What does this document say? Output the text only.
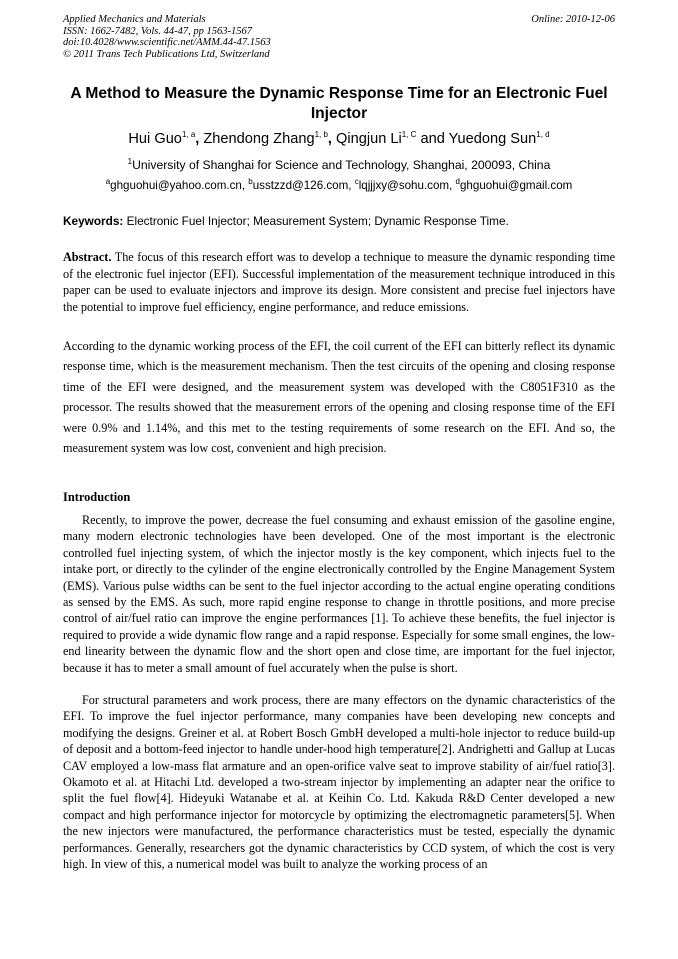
Applied Mechanics and Materials
ISSN: 1662-7482, Vols. 44-47, pp 1563-1567
doi:10.4028/www.scientific.net/AMM.44-47.1563
© 2011 Trans Tech Publications Ltd, Switzerland
Online: 2010-12-06
A Method to Measure the Dynamic Response Time for an Electronic Fuel Injector
Hui Guo$^{1, a}$, Zhendong Zhang$^{1, b}$, Qingjun $Li^{1, C}$ and Yuedong Sun$^{1, d}$
$^1$University of Shanghai for Science and Technology, Shanghai, 200093, China
$^a$ghguohui@yahoo.com.cn, $^b$usstzzd@126.com, $^c$lqjjjxy@sohu.com, $^d$ghguohui@gmail.com
Keywords: Electronic Fuel Injector; Measurement System; Dynamic Response Time.

Abstract. The focus of this research effort was to develop a technique to measure the dynamic responding time of the electronic fuel injector (EFI). Successful implementation of the measurement technique introduced in this paper can be used to evaluate injectors and improve its design. More consistent and precise fuel injectors have the potential to improve fuel efficiency, engine performance, and reduce emissions.

According to the dynamic working process of the EFI, the coil current of the EFI can bitterly reflect its dynamic response time, which is the measurement mechanism. Then the test circuits of the opening and closing response time of the EFI were designed, and the measurement system was developed with the C8051F310 as the processor. The results showed that the measurement errors of the opening and closing response time of the EFI were 0.9% and 1.14%, and this met to the testing requirements of some research on the EFI. And so, the measurement system was low cost, convenient and high precision.

Introduction

Recently, to improve the power, decrease the fuel consuming and exhaust emission of the gasoline engine, many modern electronic technologies have been developed. One of the most important is the electronic controlled fuel injecting system, of which the injector mostly is the key component, which injects fuel to the intake port, or directly to the cylinder of the engine electronically controlled by the Engine Management System (EMS). Various pulse widths can be sent to the fuel injector according to the actual engine operating conditions as sensed by the EMS. As such, more rapid engine response to change in throttle positions, and more precise control of air/fuel ratio can improve the engine performances [1]. To achieve these benefits, the fuel injector is required to provide a wide dynamic flow range and a rapid response. Especially for some small engines, the low-end linearity between the dynamic flow and the short open and close time, are important for the fuel injector, because it has to meter a small amount of fuel accurately when the pulse is short.

For structural parameters and work process, there are many effectors on the dynamic characteristics of the EFI. To improve the fuel injector performance, many companies have been developing new concepts and modifying the designs. Greiner et al. at Robert Bosch GmbH developed a multi-hole injector to reduce build-up of deposit and a bottom-feed injector to handle under-hood high temperature[2]. Andrighetti and Gallup at Lucas CAV employed a low-mass flat armature and an open-orifice valve seat to improve stability of air/fuel ratio[3]. Okamoto et al. at Hitachi Ltd. developed a two-stream injector by implementing an adapter near the orifice to split the fuel flow[4]. Hideyuki Watanabe et al. at Keihin Co. Ltd. Kakuda R&D Center developed a new compact and high performance injector for motorcycle by optimizing the electromagnetic parameters[5]. When the new injectors were manufactured, the performance characteristics must be tested, especially the dynamic performances. Generally, researchers got the dynamic characteristics by CCD system, of which the cost is very high. In view of this, a numerical model was built to analyze the working process of an
